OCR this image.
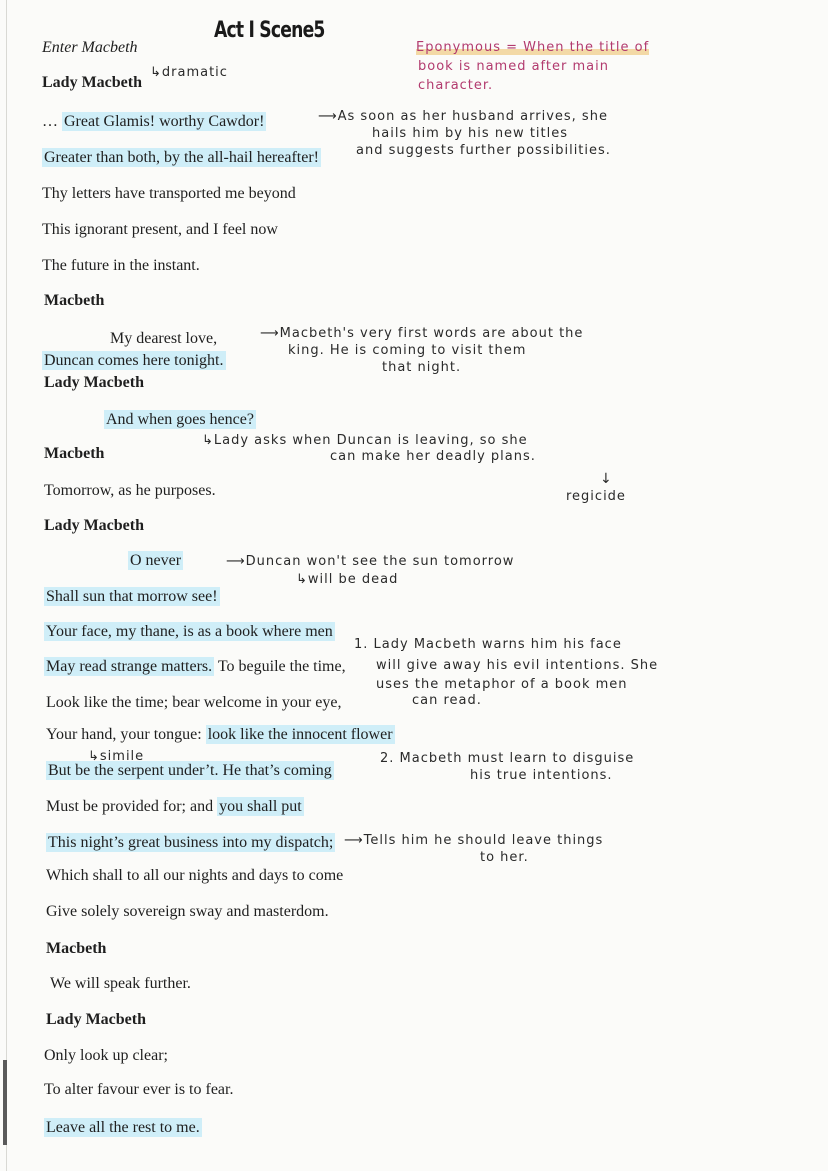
Act I Scene5
Enter Macbeth
Lady Macbeth
… Great Glamis! worthy Cawdor!
Greater than both, by the all-hail hereafter!
Thy letters have transported me beyond
This ignorant present, and I feel now
The future in the instant.
Macbeth
My dearest love,
Duncan comes here tonight.
Lady Macbeth
And when goes hence?
Macbeth
Tomorrow, as he purposes.
Lady Macbeth
O never
Shall sun that morrow see!
Your face, my thane, is as a book where men
May read strange matters. To beguile the time,
Look like the time; bear welcome in your eye,
Your hand, your tongue: look like the innocent flower
But be the serpent under’t. He that’s coming
Must be provided for; and you shall put
This night’s great business into my dispatch;
Which shall to all our nights and days to come
Give solely sovereign sway and masterdom.
Macbeth
We will speak further.
Lady Macbeth
Only look up clear;
To alter favour ever is to fear.
Leave all the rest to me.
↳dramatic
Eponymous = When the title of
book is named after main
character.
⟶As soon as her husband arrives, she
hails him by his new titles
and suggests further possibilities.
⟶Macbeth's very first words are about the
king. He is coming to visit them
that night.
↳Lady asks when Duncan is leaving, so she
can make her deadly plans.
↓
regicide
⟶Duncan won't see the sun tomorrow
↳will be dead
1. Lady Macbeth warns him his face
will give away his evil intentions. She
uses the metaphor of a book men
can read.
↳simile	2. Macbeth must learn to disguise
his true intentions.
⟶Tells him he should leave things
to her.
